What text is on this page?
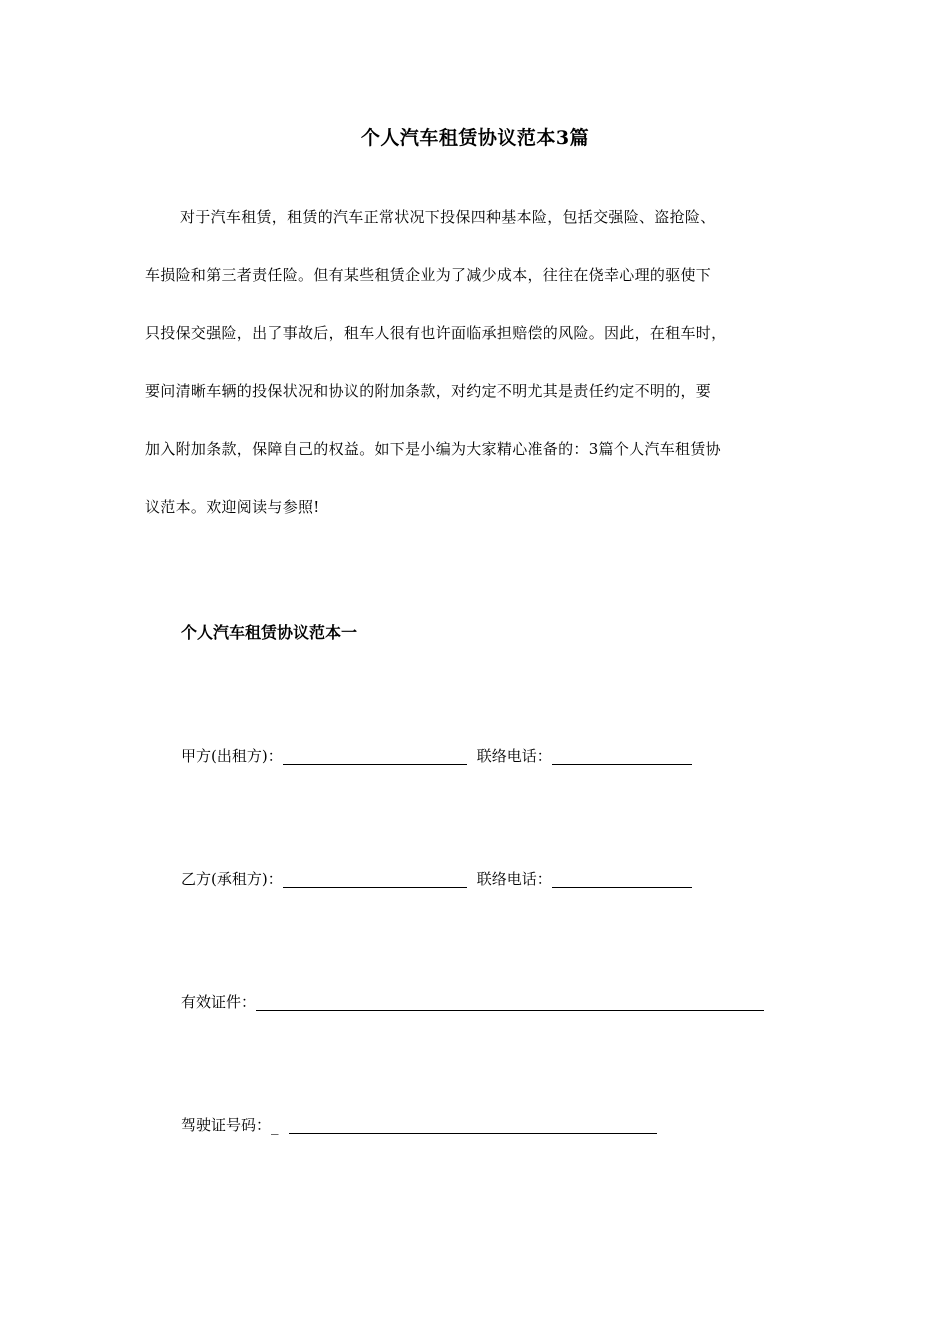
个人汽车租赁协议范本3篇
对于汽车租赁，租赁的汽车正常状况下投保四种基本险，包括交强险、盗抢险、
车损险和第三者责任险。但有某些租赁企业为了减少成本，往往在侥幸心理的驱使下
只投保交强险，出了事故后，租车人很有也许面临承担赔偿的风险。因此，在租车时，
要问清晰车辆的投保状况和协议的附加条款，对约定不明尤其是责任约定不明的，要
加入附加条款，保障自己的权益。如下是小编为大家精心准备的：3篇个人汽车租赁协
议范本。欢迎阅读与参照!
个人汽车租赁协议范本一
甲方(出租方)：	联络电话：
乙方(承租方)：	联络电话：
有效证件：
驾驶证号码： _
